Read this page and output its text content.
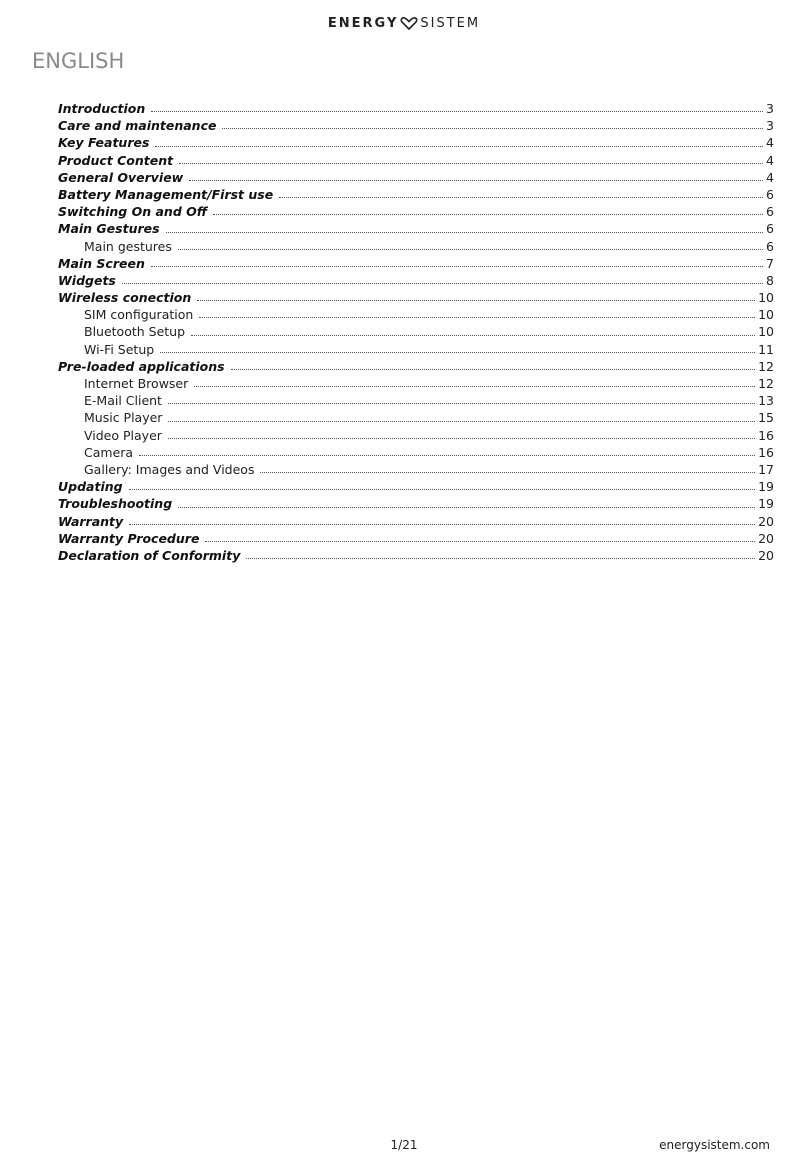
ENERGY SISTEM
ENGLISH
Introduction	3
Care and maintenance	3
Key Features	4
Product Content	4
General Overview	4
Battery Management/First use	6
Switching On and Off	6
Main Gestures	6
Main gestures	6
Main Screen	7
Widgets	8
Wireless conection	10
SIM configuration	10
Bluetooth Setup	10
Wi-Fi Setup	11
Pre-loaded applications	12
Internet Browser	12
E-Mail Client	13
Music Player	15
Video Player	16
Camera	16
Gallery: Images and Videos	17
Updating	19
Troubleshooting	19
Warranty	20
Warranty Procedure	20
Declaration of Conformity	20
1/21	energysistem.com
